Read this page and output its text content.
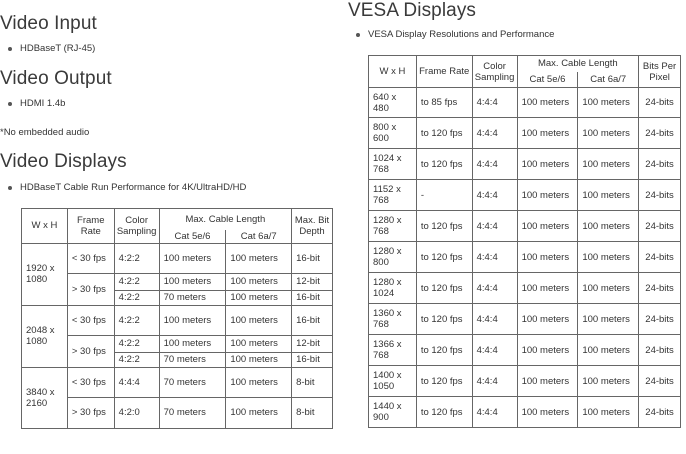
Video Input
HDBaseT (RJ-45)
Video Output
HDMI 1.4b
*No embedded audio
Video Displays
HDBaseT Cable Run Performance for 4K/UltraHD/HD
W x H	Frame Rate	Color Sampling	Max. Cable Length		Max. Bit Depth
			Cat 5e/6	Cat 6a/7	
1920 x 1080	< 30 fps	4:2:2	100 meters	100 meters	16-bit
	> 30 fps	4:2:2	100 meters	100 meters	12-bit
		4:2:2	70 meters	100 meters	16-bit
2048 x 1080	< 30 fps	4:2:2	100 meters	100 meters	16-bit
	> 30 fps	4:2:2	100 meters	100 meters	12-bit
		4:2:2	70 meters	100 meters	16-bit
3840 x 2160	< 30 fps	4:4:4	70 meters	100 meters	8-bit
	> 30 fps	4:2:0	70 meters	100 meters	8-bit
VESA Displays
VESA Display Resolutions and Performance
W x H	Frame Rate	Color Sampling	Max. Cable Length		Bits Per Pixel
			Cat 5e/6	Cat 6a/7	
640 x 480	to 85 fps	4:4:4	100 meters	100 meters	24-bits
800 x 600	to 120 fps	4:4:4	100 meters	100 meters	24-bits
1024 x 768	to 120 fps	4:4:4	100 meters	100 meters	24-bits
1152 x 768	-	4:4:4	100 meters	100 meters	24-bits
1280 x 768	to 120 fps	4:4:4	100 meters	100 meters	24-bits
1280 x 800	to 120 fps	4:4:4	100 meters	100 meters	24-bits
1280 x 1024	to 120 fps	4:4:4	100 meters	100 meters	24-bits
1360 x 768	to 120 fps	4:4:4	100 meters	100 meters	24-bits
1366 x 768	to 120 fps	4:4:4	100 meters	100 meters	24-bits
1400 x 1050	to 120 fps	4:4:4	100 meters	100 meters	24-bits
1440 x 900	to 120 fps	4:4:4	100 meters	100 meters	24-bits
